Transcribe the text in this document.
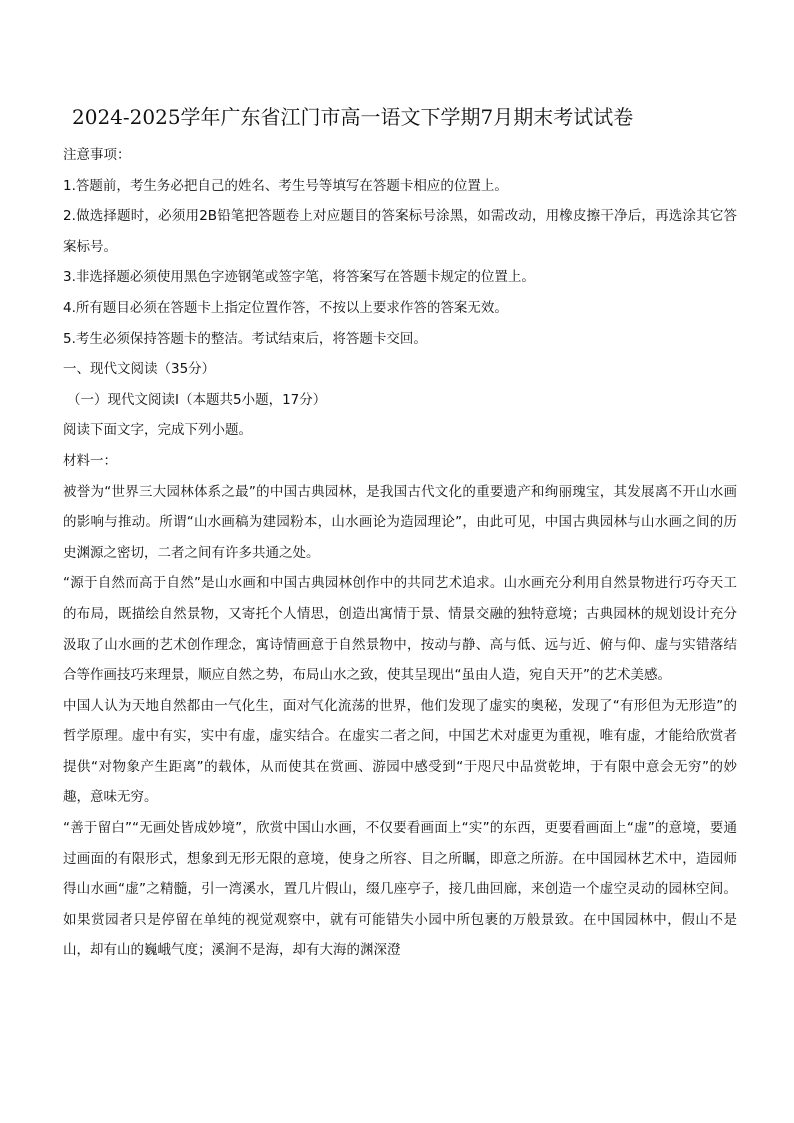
2024-2025学年广东省江门市高一语文下学期7月期末考试试卷

注意事项：

1.答题前，考生务必把自己的姓名、考生号等填写在答题卡相应的位置上。

2.做选择题时，必须用2B铅笔把答题卷上对应题目的答案标号涂黑，如需改动，用橡皮擦干净后，再选涂其它答案标号。

3.非选择题必须使用黑色字迹钢笔或签字笔，将答案写在答题卡规定的位置上。

4.所有题目必须在答题卡上指定位置作答，不按以上要求作答的答案无效。

5.考生必须保持答题卡的整洁。考试结束后，将答题卡交回。

一、现代文阅读（35分）

（一）现代文阅读Ⅰ（本题共5小题，17分）

阅读下面文字，完成下列小题。

材料一：

被誉为“世界三大园林体系之最”的中国古典园林，是我国古代文化的重要遗产和绚丽瑰宝，其发展离不开山水画的影响与推动。所谓“山水画稿为建园粉本，山水画论为造园理论”，由此可见，中国古典园林与山水画之间的历史渊源之密切，二者之间有许多共通之处。

“源于自然而高于自然”是山水画和中国古典园林创作中的共同艺术追求。山水画充分利用自然景物进行巧夺天工的布局，既描绘自然景物，又寄托个人情思，创造出寓情于景、情景交融的独特意境；古典园林的规划设计充分汲取了山水画的艺术创作理念，寓诗情画意于自然景物中，按动与静、高与低、远与近、俯与仰、虚与实错落结合等作画技巧来理景，顺应自然之势，布局山水之致，使其呈现出“虽由人造，宛自天开”的艺术美感。

中国人认为天地自然都由一气化生，面对气化流荡的世界，他们发现了虚实的奥秘，发现了“有形但为无形造”的哲学原理。虚中有实，实中有虚，虚实结合。在虚实二者之间，中国艺术对虚更为重视，唯有虚，才能给欣赏者提供“对物象产生距离”的载体，从而使其在赏画、游园中感受到“于咫尺中品赏乾坤，于有限中意会无穷”的妙趣，意味无穷。

“善于留白”“无画处皆成妙境”，欣赏中国山水画，不仅要看画面上“实”的东西，更要看画面上“虚”的意境，要通过画面的有限形式，想象到无形无限的意境，使身之所容、目之所瞩，即意之所游。在中国园林艺术中，造园师得山水画“虚”之精髓，引一湾溪水，置几片假山，缀几座亭子，接几曲回廊，来创造一个虚空灵动的园林空间。如果赏园者只是停留在单纯的视觉观察中，就有可能错失小园中所包裹的万般景致。在中国园林中，假山不是山，却有山的巍峨气度；溪涧不是海，却有大海的渊深澄
